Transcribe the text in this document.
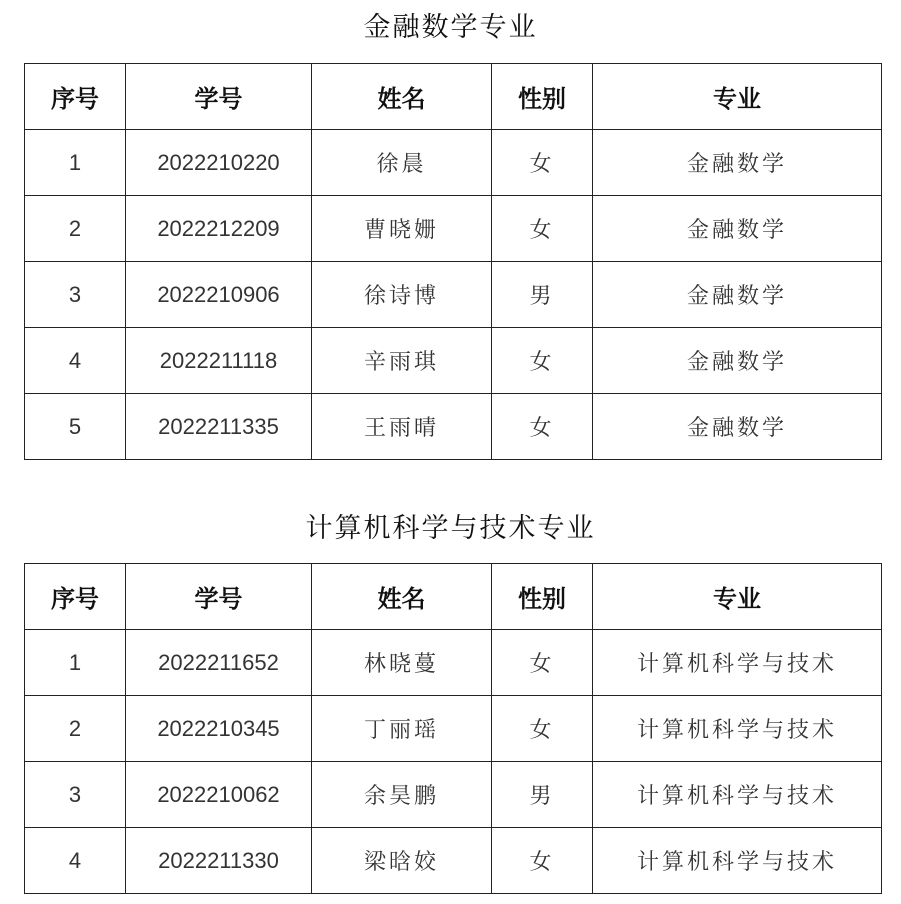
金融数学专业
序号	学号	姓名	性别	专业
1	2022210220	徐晨	女	金融数学
2	2022212209	曹晓姗	女	金融数学
3	2022210906	徐诗博	男	金融数学
4	2022211118	辛雨琪	女	金融数学
5	2022211335	王雨晴	女	金融数学
计算机科学与技术专业
序号	学号	姓名	性别	专业
1	2022211652	林晓蔓	女	计算机科学与技术
2	2022210345	丁丽瑶	女	计算机科学与技术
3	2022210062	余昊鹏	男	计算机科学与技术
4	2022211330	梁晗姣	女	计算机科学与技术
